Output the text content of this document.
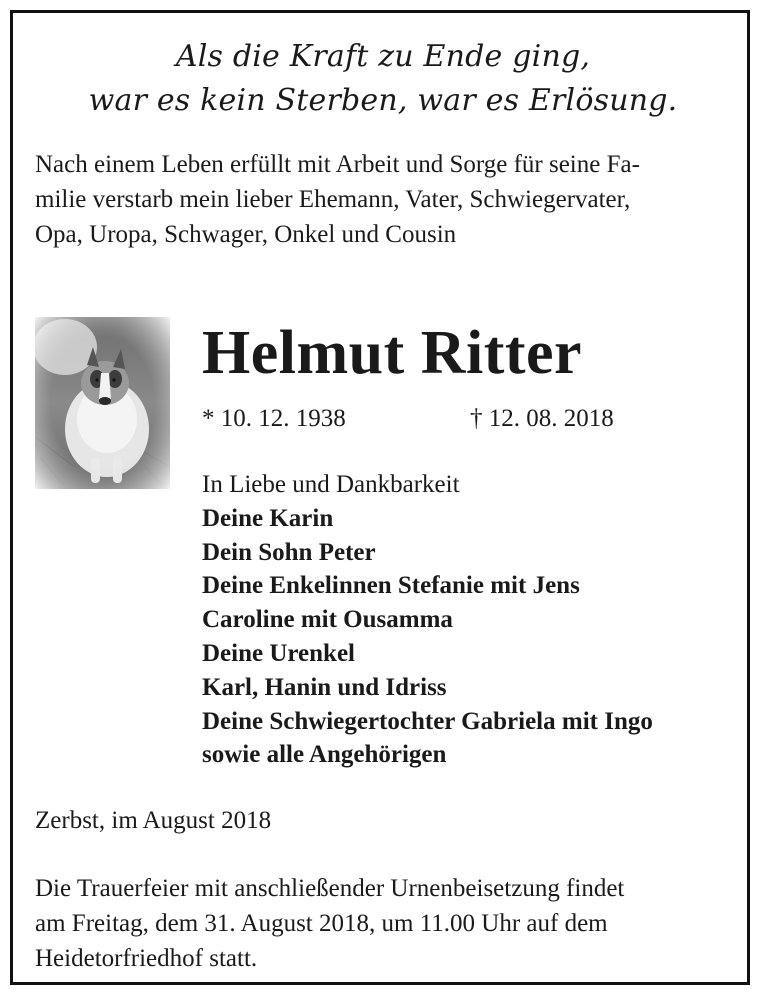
Als die Kraft zu Ende ging,
war es kein Sterben, war es Erlösung.
Nach einem Leben erfüllt mit Arbeit und Sorge für seine Fa-
milie verstarb mein lieber Ehemann, Vater, Schwiegervater,
Opa, Uropa, Schwager, Onkel und Cousin
Helmut Ritter
* 10. 12. 1938	† 12. 08. 2018
In Liebe und Dankbarkeit
Deine Karin
Dein Sohn Peter
Deine Enkelinnen Stefanie mit Jens
Caroline mit Ousamma
Deine Urenkel
Karl, Hanin und Idriss
Deine Schwiegertochter Gabriela mit Ingo
sowie alle Angehörigen
Zerbst, im August 2018
Die Trauerfeier mit anschließender Urnenbeisetzung findet
am Freitag, dem 31. August 2018, um 11.00 Uhr auf dem
Heidetorfriedhof statt.
